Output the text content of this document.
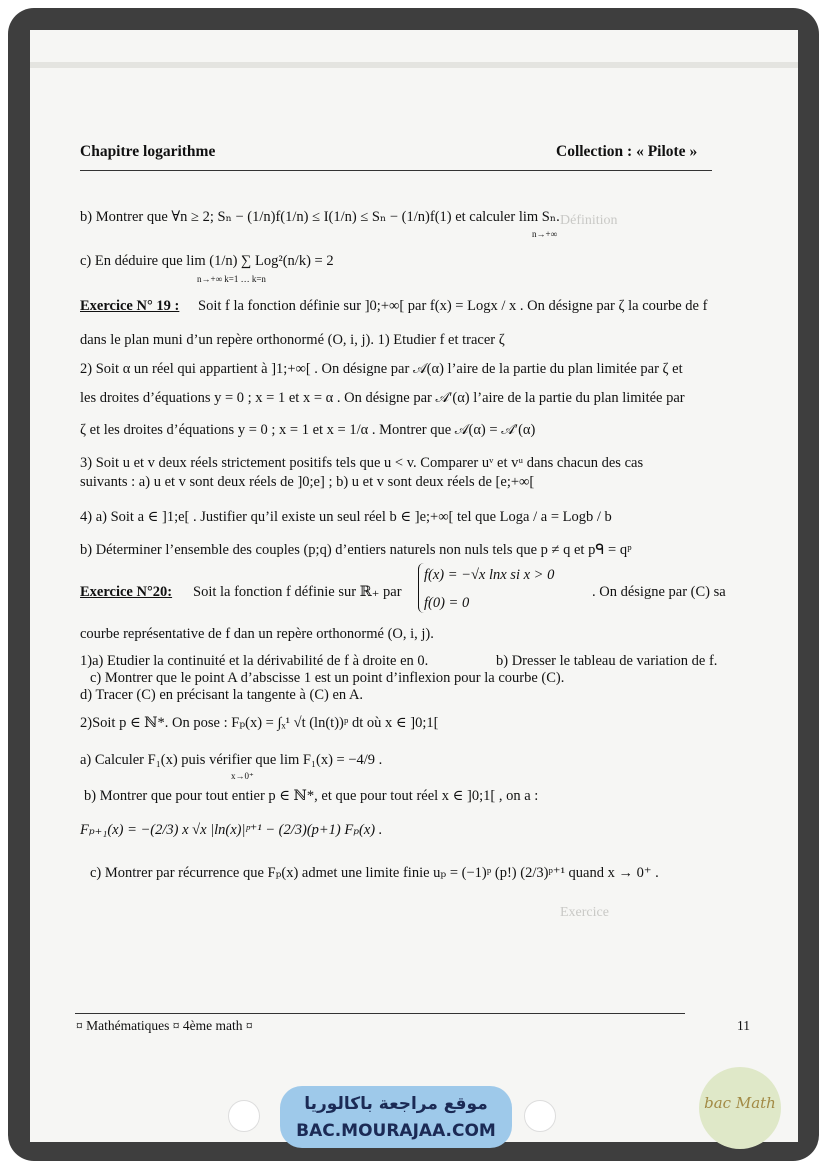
Chapitre logarithme	Collection : « Pilote »
b) Montrer que ∀n ≥ 2; Sₙ − (1/n)f(1/n) ≤ I(1/n) ≤ Sₙ − (1/n)f(1) et calculer lim Sₙ.
n→+∞
c) En déduire que lim (1/n) ∑ Log²(n/k) = 2
n→+∞ k=1 … k=n
Exercice N° 19 : Soit f la fonction définie sur ]0;+∞[ par f(x) = Logx / x . On désigne par ζ la courbe de f
dans le plan muni d’un repère orthonormé (O, i, j). 1) Etudier f et tracer ζ
2) Soit α un réel qui appartient à ]1;+∞[ . On désigne par 𝒜(α) l’aire de la partie du plan limitée par ζ et
les droites d’équations y = 0 ; x = 1 et x = α . On désigne par 𝒜′(α) l’aire de la partie du plan limitée par
ζ et les droites d’équations y = 0 ; x = 1 et x = 1/α . Montrer que 𝒜(α) = 𝒜′(α)
3) Soit u et v deux réels strictement positifs tels que u < v. Comparer uᵛ et vᵘ dans chacun des cas
suivants : a) u et v sont deux réels de ]0;e] ; b) u et v sont deux réels de [e;+∞[
4) a) Soit a ∈ ]1;e[ . Justifier qu’il existe un seul réel b ∈ ]e;+∞[ tel que Loga / a = Logb / b
b) Déterminer l’ensemble des couples (p;q) d’entiers naturels non nuls tels que p ≠ q et pᑫ = qᵖ
Exercice N°20: Soit la fonction f définie sur ℝ₊ par
f(x) = −√x lnx si x > 0
f(0) = 0
. On désigne par (C) sa
courbe représentative de f dan un repère orthonormé (O, i, j).
1)a) Etudier la continuité et la dérivabilité de f à droite en 0.	b) Dresser le tableau de variation de f.
c) Montrer que le point A d’abscisse 1 est un point d’inflexion pour la courbe (C).
d) Tracer (C) en précisant la tangente à (C) en A.
2)Soit p ∈ ℕ*. On pose : Fₚ(x) = ∫ₓ¹ √t (ln(t))ᵖ dt où x ∈ ]0;1[
a) Calculer F₁(x) puis vérifier que lim F₁(x) = −4/9 .
x→0⁺
b) Montrer que pour tout entier p ∈ ℕ*, et que pour tout réel x ∈ ]0;1[ , on a :
Fₚ₊₁(x) = −(2/3) x √x |ln(x)|ᵖ⁺¹ − (2/3)(p+1) Fₚ(x) .
c) Montrer par récurrence que Fₚ(x) admet une limite finie uₚ = (−1)ᵖ (p!) (2/3)ᵖ⁺¹ quand x → 0⁺ .
Définition
Exercice
¤ Mathématiques ¤ 4ème math ¤	11
موقع مراجعة باكالوريا
BAC.MOURAJAA.COM
bac Math
